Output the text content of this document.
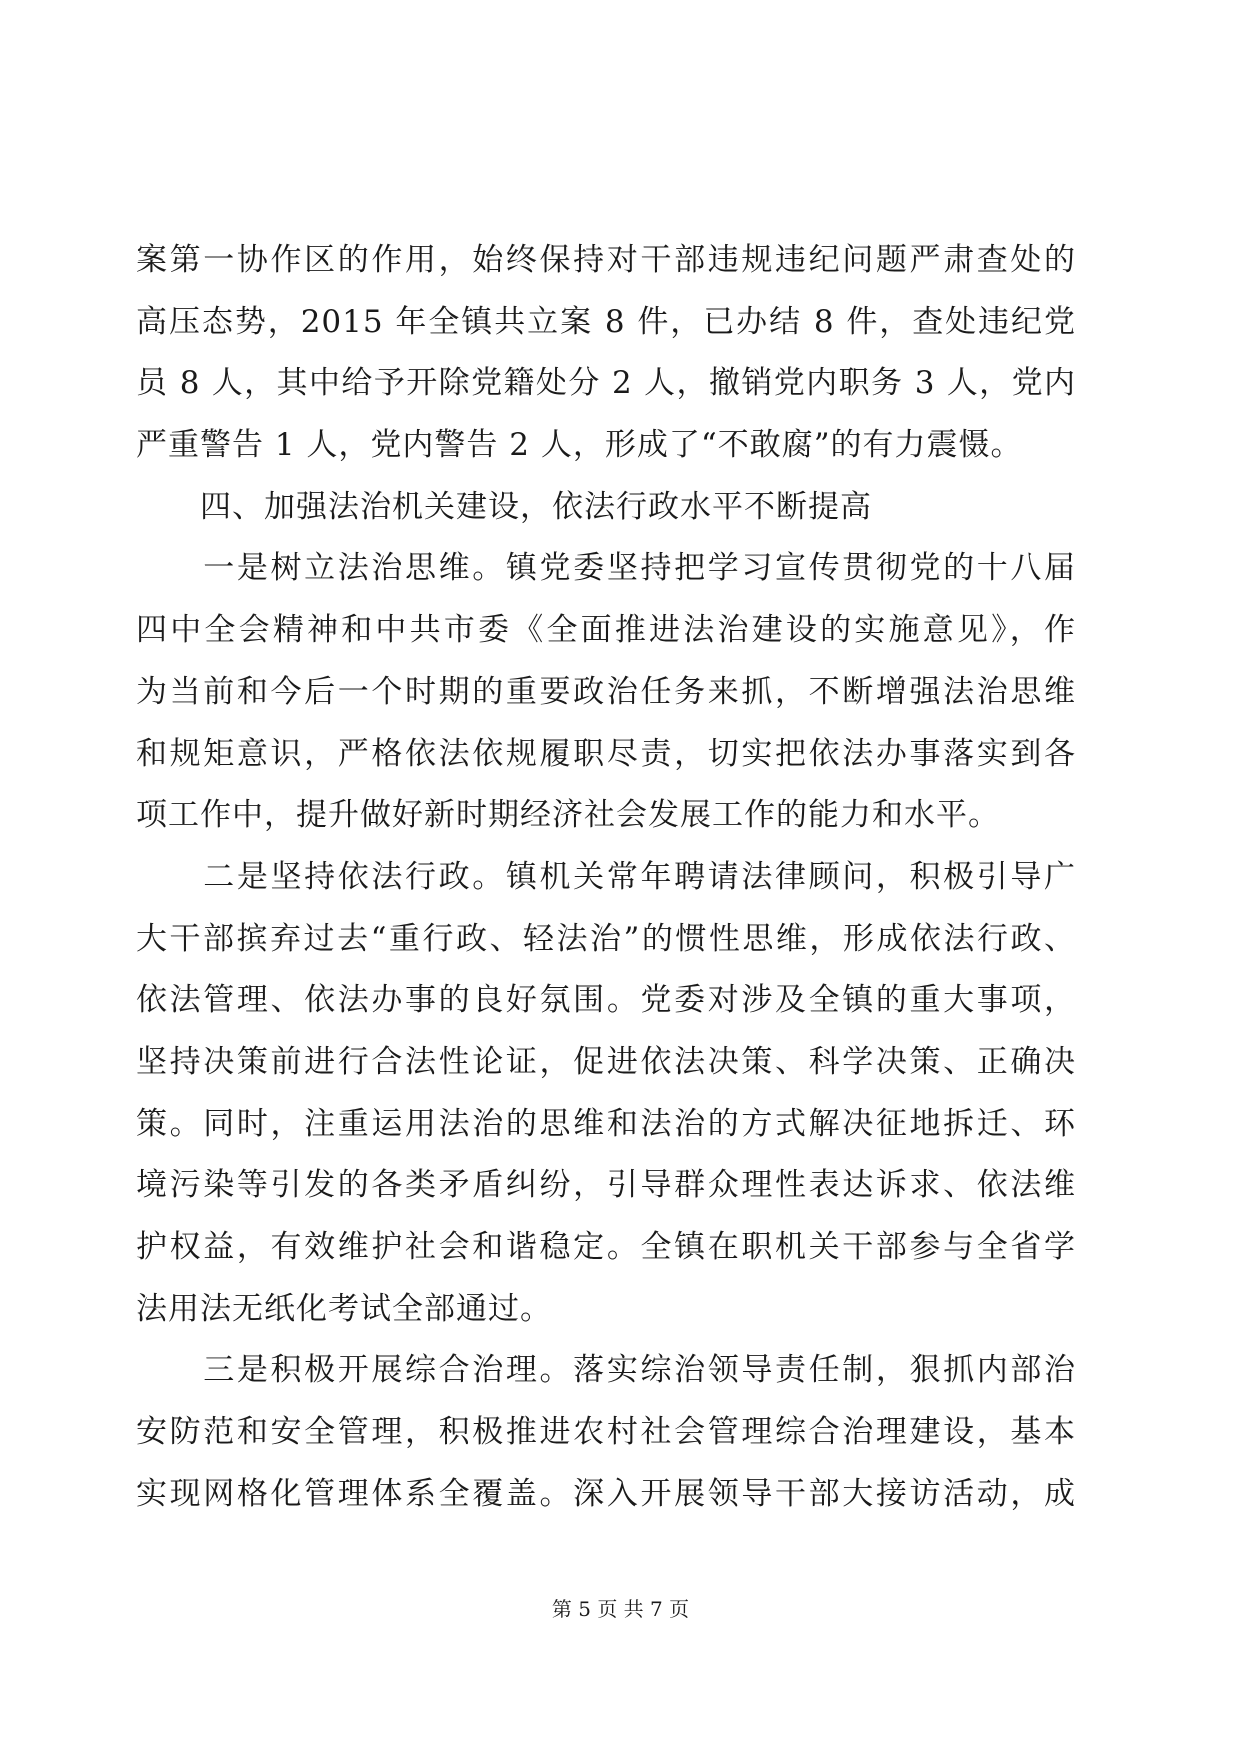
案第一协作区的作用，始终保持对干部违规违纪问题严肃查处的
高压态势，2015 年全镇共立案 8 件，已办结 8 件，查处违纪党
员 8 人，其中给予开除党籍处分 2 人，撤销党内职务 3 人，党内
严重警告 1 人，党内警告 2 人，形成了“不敢腐”的有力震慑。
　　四、加强法治机关建设，依法行政水平不断提高
　　一是树立法治思维。镇党委坚持把学习宣传贯彻党的十八届
四中全会精神和中共市委《全面推进法治建设的实施意见》，作
为当前和今后一个时期的重要政治任务来抓，不断增强法治思维
和规矩意识，严格依法依规履职尽责，切实把依法办事落实到各
项工作中，提升做好新时期经济社会发展工作的能力和水平。
　　二是坚持依法行政。镇机关常年聘请法律顾问，积极引导广
大干部摈弃过去“重行政、轻法治”的惯性思维，形成依法行政、
依法管理、依法办事的良好氛围。党委对涉及全镇的重大事项，
坚持决策前进行合法性论证，促进依法决策、科学决策、正确决
策。同时，注重运用法治的思维和法治的方式解决征地拆迁、环
境污染等引发的各类矛盾纠纷，引导群众理性表达诉求、依法维
护权益，有效维护社会和谐稳定。全镇在职机关干部参与全省学
法用法无纸化考试全部通过。
　　三是积极开展综合治理。落实综治领导责任制，狠抓内部治
安防范和安全管理，积极推进农村社会管理综合治理建设，基本
实现网格化管理体系全覆盖。深入开展领导干部大接访活动，成
第 5 页 共 7 页
